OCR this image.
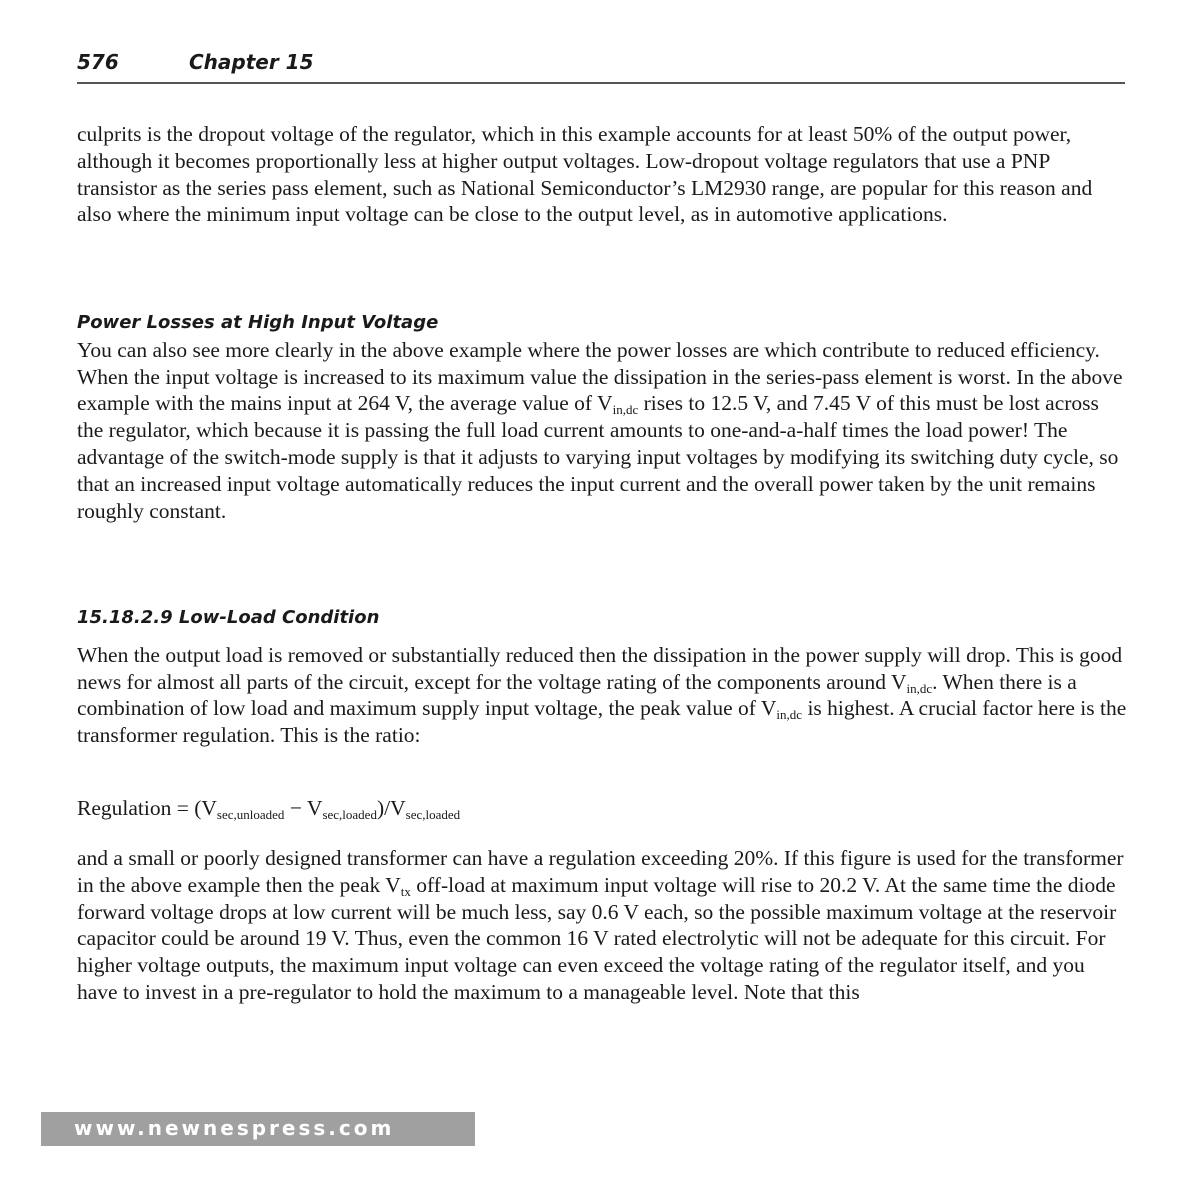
576	Chapter 15

culprits is the dropout voltage of the regulator, which in this example accounts for at least 50% of the output power, although it becomes proportionally less at higher output voltages. Low-dropout voltage regulators that use a PNP transistor as the series pass element, such as National Semiconductor’s LM2930 range, are popular for this reason and also where the minimum input voltage can be close to the output level, as in automotive applications.

Power Losses at High Input Voltage

You can also see more clearly in the above example where the power losses are which contribute to reduced efficiency. When the input voltage is increased to its maximum value the dissipation in the series-pass element is worst. In the above example with the mains input at 264 V, the average value of $V_{in,dc}$ rises to 12.5 V, and 7.45 V of this must be lost across the regulator, which because it is passing the full load current amounts to one-and-a-half times the load power! The advantage of the switch-mode supply is that it adjusts to varying input voltages by modifying its switching duty cycle, so that an increased input voltage automatically reduces the input current and the overall power taken by the unit remains roughly constant.

15.18.2.9 Low-Load Condition

When the output load is removed or substantially reduced then the dissipation in the power supply will drop. This is good news for almost all parts of the circuit, except for the voltage rating of the components around $V_{in,dc}$. When there is a combination of low load and maximum supply input voltage, the peak value of $V_{in,dc}$ is highest. A crucial factor here is the transformer regulation. This is the ratio:

Regulation = $(V_{sec,unloaded} - V_{sec,loaded})/V_{sec,loaded}$

and a small or poorly designed transformer can have a regulation exceeding 20%. If this figure is used for the transformer in the above example then the peak $V_{tx}$ off-load at maximum input voltage will rise to 20.2 V. At the same time the diode forward voltage drops at low current will be much less, say 0.6 V each, so the possible maximum voltage at the reservoir capacitor could be around 19 V. Thus, even the common 16 V rated electrolytic will not be adequate for this circuit. For higher voltage outputs, the maximum input voltage can even exceed the voltage rating of the regulator itself, and you have to invest in a pre-regulator to hold the maximum to a manageable level. Note that this

www.newnespress.com
